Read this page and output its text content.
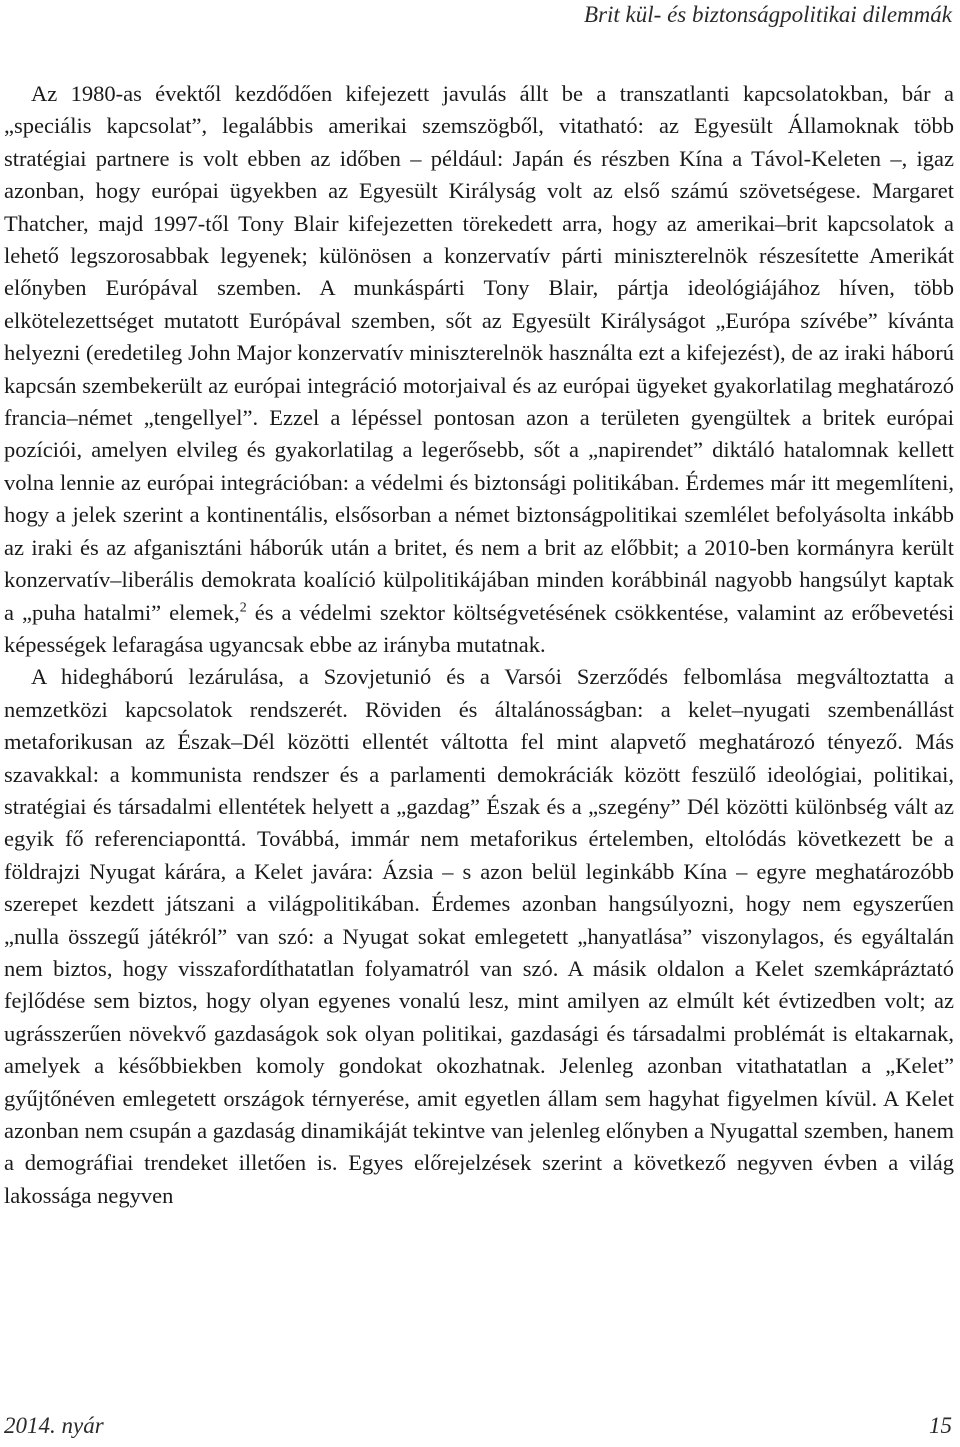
Brit kül- és biztonságpolitikai dilemmák

Az 1980-as évektől kezdődően kifejezett javulás állt be a transzatlanti kapcsolatokban, bár a „speciális kapcsolat”, legalábbis amerikai szemszögből, vitatható: az Egyesült Államoknak több stratégiai partnere is volt ebben az időben – például: Japán és részben Kína a Távol-Keleten –, igaz azonban, hogy európai ügyekben az Egyesült Királyság volt az első számú szövetségese. Margaret Thatcher, majd 1997-től Tony Blair kifejezetten törekedett arra, hogy az amerikai–brit kapcsolatok a lehető legszorosabbak legyenek; különösen a konzervatív párti miniszterelnök részesítette Amerikát előnyben Európával szemben. A munkáspárti Tony Blair, pártja ideológiájához híven, több elkötelezettséget mutatott Európával szemben, sőt az Egyesült Királyságot „Európa szívébe” kívánta helyezni (eredetileg John Major konzervatív miniszterelnök használta ezt a kifejezést), de az iraki háború kapcsán szembekerült az európai integráció motorjaival és az európai ügyeket gyakorlatilag meghatározó francia–német „tengellyel”. Ezzel a lépéssel pontosan azon a területen gyengültek a britek európai pozíciói, amelyen elvileg és gyakorlatilag a legerősebb, sőt a „napirendet” diktáló hatalomnak kellett volna lennie az európai integrációban: a védelmi és biztonsági politikában. Érdemes már itt megemlíteni, hogy a jelek szerint a kontinentális, elsősorban a német biztonságpolitikai szemlélet befolyásolta inkább az iraki és az afganisztáni háborúk után a britet, és nem a brit az előbbit; a 2010-ben kormányra került konzervatív–liberális demokrata koalíció külpolitikájában minden korábbinál nagyobb hangsúlyt kaptak a „puha hatalmi” elemek,$^2$ és a védelmi szektor költségvetésének csökkentése, valamint az erőbevetési képességek lefaragása ugyancsak ebbe az irányba mutatnak.

A hidegháború lezárulása, a Szovjetunió és a Varsói Szerződés felbomlása megváltoztatta a nemzetközi kapcsolatok rendszerét. Röviden és általánosságban: a kelet–nyugati szembenállást metaforikusan az Észak–Dél közötti ellentét váltotta fel mint alapvető meghatározó tényező. Más szavakkal: a kommunista rendszer és a parlamenti demokráciák között feszülő ideológiai, politikai, stratégiai és társadalmi ellentétek helyett a „gazdag” Észak és a „szegény” Dél közötti különbség vált az egyik fő referenciaponttá. Továbbá, immár nem metaforikus értelemben, eltolódás következett be a földrajzi Nyugat kárára, a Kelet javára: Ázsia – s azon belül leginkább Kína – egyre meghatározóbb szerepet kezdett játszani a világpolitikában. Érdemes azonban hangsúlyozni, hogy nem egyszerűen „nulla összegű játékról” van szó: a Nyugat sokat emlegetett „hanyatlása” viszonylagos, és egyáltalán nem biztos, hogy visszafordíthatatlan folyamatról van szó. A másik oldalon a Kelet szemkápráztató fejlődése sem biztos, hogy olyan egyenes vonalú lesz, mint amilyen az elmúlt két évtizedben volt; az ugrásszerűen növekvő gazdaságok sok olyan politikai, gazdasági és társadalmi problémát is eltakarnak, amelyek a későbbiekben komoly gondokat okozhatnak. Jelenleg azonban vitathatatlan a „Kelet” gyűjtőnéven emlegetett országok térnyerése, amit egyetlen állam sem hagyhat figyelmen kívül. A Kelet azonban nem csupán a gazdaság dinamikáját tekintve van jelenleg előnyben a Nyugattal szemben, hanem a demográfiai trendeket illetően is. Egyes előrejelzések szerint a következő negyven évben a világ lakossága negyven

2014. nyár	15
